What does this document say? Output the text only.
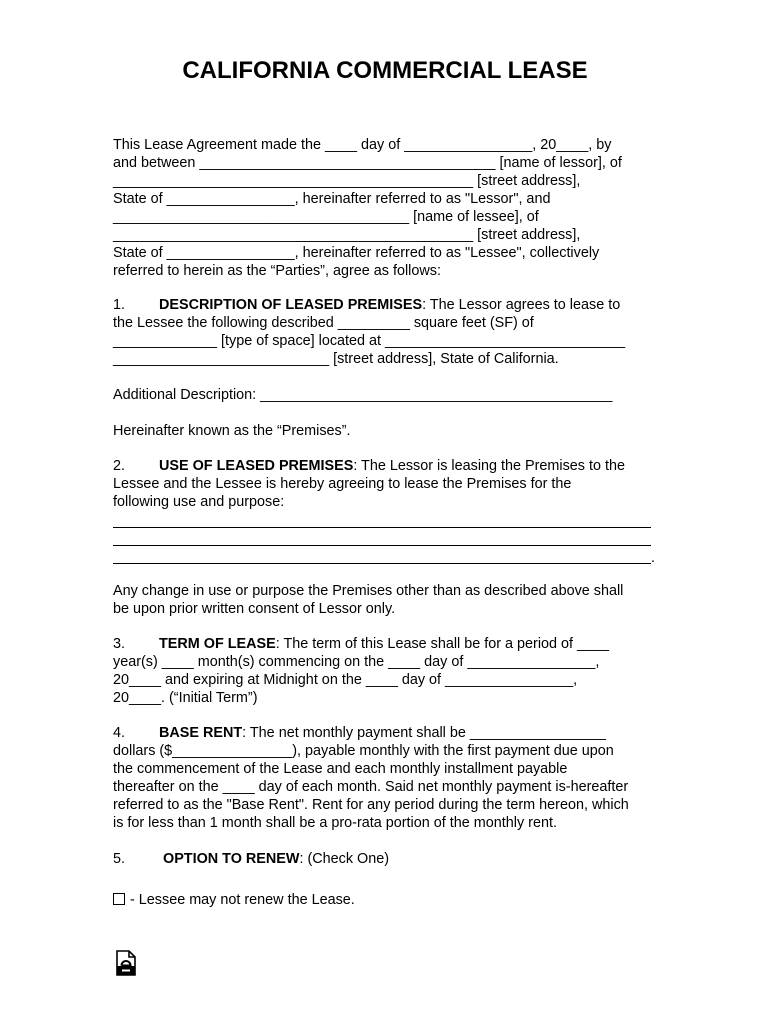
CALIFORNIA COMMERCIAL LEASE
This Lease Agreement made the ____ day of ________________, 20____, by
and between _____________________________________ [name of lessor], of
_____________________________________________ [street address],
State of ________________, hereinafter referred to as "Lessor", and
_____________________________________ [name of lessee], of
_____________________________________________ [street address],
State of ________________, hereinafter referred to as "Lessee", collectively
referred to herein as the “Parties”, agree as follows:
1. DESCRIPTION OF LEASED PREMISES: The Lessor agrees to lease to
the Lessee the following described _________ square feet (SF) of
_____________ [type of space] located at ______________________________
___________________________ [street address], State of California.
Additional Description: ____________________________________________
Hereinafter known as the “Premises”.
2. USE OF LEASED PREMISES: The Lessor is leasing the Premises to the
Lessee and the Lessee is hereby agreeing to lease the Premises for the
following use and purpose:
.
Any change in use or purpose the Premises other than as described above shall
be upon prior written consent of Lessor only.
3. TERM OF LEASE: The term of this Lease shall be for a period of ____
year(s) ____ month(s) commencing on the ____ day of ________________,
20____ and expiring at Midnight on the ____ day of ________________,
20____. (“Initial Term”)
4. BASE RENT: The net monthly payment shall be _________________
dollars ($_______________), payable monthly with the first payment due upon
the commencement of the Lease and each monthly installment payable
thereafter on the ____ day of each month. Said net monthly payment is-hereafter
referred to as the "Base Rent". Rent for any period during the term hereon, which
is for less than 1 month shall be a pro-rata portion of the monthly rent.
5.	OPTION TO RENEW: (Check One)
- Lessee may not renew the Lease.
